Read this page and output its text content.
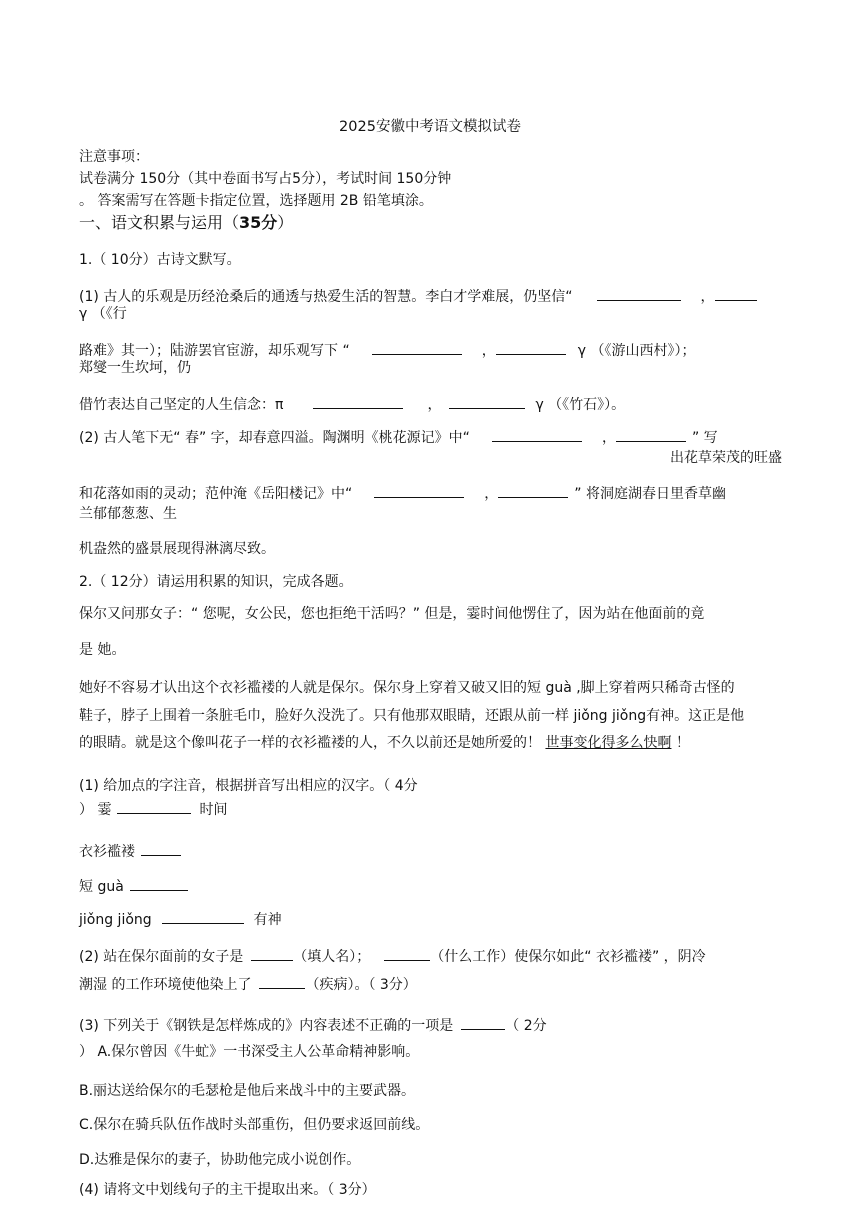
2025安徽中考语文模拟试卷
注意事项：
试卷满分 150分（其中卷面书写占5分），考试时间 150分钟
。 答案需写在答题卡指定位置，选择题用 2B 铅笔填涂。
一、语文积累与运用（35分）
1.（ 10分）古诗文默写。
(1) 古人的乐观是历经沧桑后的通透与热爱生活的智慧。李白才学难展，仍坚信“	，
γ （《行
路难》其一）；陆游罢官宦游，却乐观写下 “	，	γ （《游山西村》）；
郑燮一生坎坷，仍
借竹表达自己坚定的人生信念：π	，	γ （《竹石》）。
(2) 古人笔下无“ 春” 字，却春意四溢。陶渊明《桃花源记》中“	，	” 写
出花草荣茂的旺盛
和花落如雨的灵动；范仲淹《岳阳楼记》中“	，	” 将洞庭湖春日里香草幽
兰郁郁葱葱、生
机盎然的盛景展现得淋漓尽致。
2.（ 12分）请运用积累的知识，完成各题。
保尔又问那女子：“ 您呢，女公民，您也拒绝干活吗？” 但是，霎时间他愣住了，因为站在他面前的竟
是 她。
她好不容易才认出这个衣衫褴褛的人就是保尔。保尔身上穿着又破又旧的短 guà ,脚上穿着两只稀奇古怪的
鞋子，脖子上围着一条脏毛巾，脸好久没洗了。只有他那双眼睛，还跟从前一样 jiǒng jiǒng有神。这正是他
的眼睛。就是这个像叫花子一样的衣衫褴褛的人，不久以前还是她所爱的！ 世事变化得多么快啊 ！
(1) 给加点的字注音，根据拼音写出相应的汉字。（ 4分
） 霎	时间
衣衫褴褛
短 guà
jiǒng jiǒng	有神
(2) 站在保尔面前的女子是	（填人名）；	（什么工作）使保尔如此“ 衣衫褴褛” ，阴冷
潮湿 的工作环境使他染上了	（疾病）。（ 3分）
(3) 下列关于《钢铁是怎样炼成的》内容表述不正确的一项是	（ 2分
） A.保尔曾因《牛虻》一书深受主人公革命精神影响。
B.丽达送给保尔的毛瑟枪是他后来战斗中的主要武器。
C.保尔在骑兵队伍作战时头部重伤，但仍要求返回前线。
D.达雅是保尔的妻子，协助他完成小说创作。
(4) 请将文中划线句子的主干提取出来。（ 3分）
